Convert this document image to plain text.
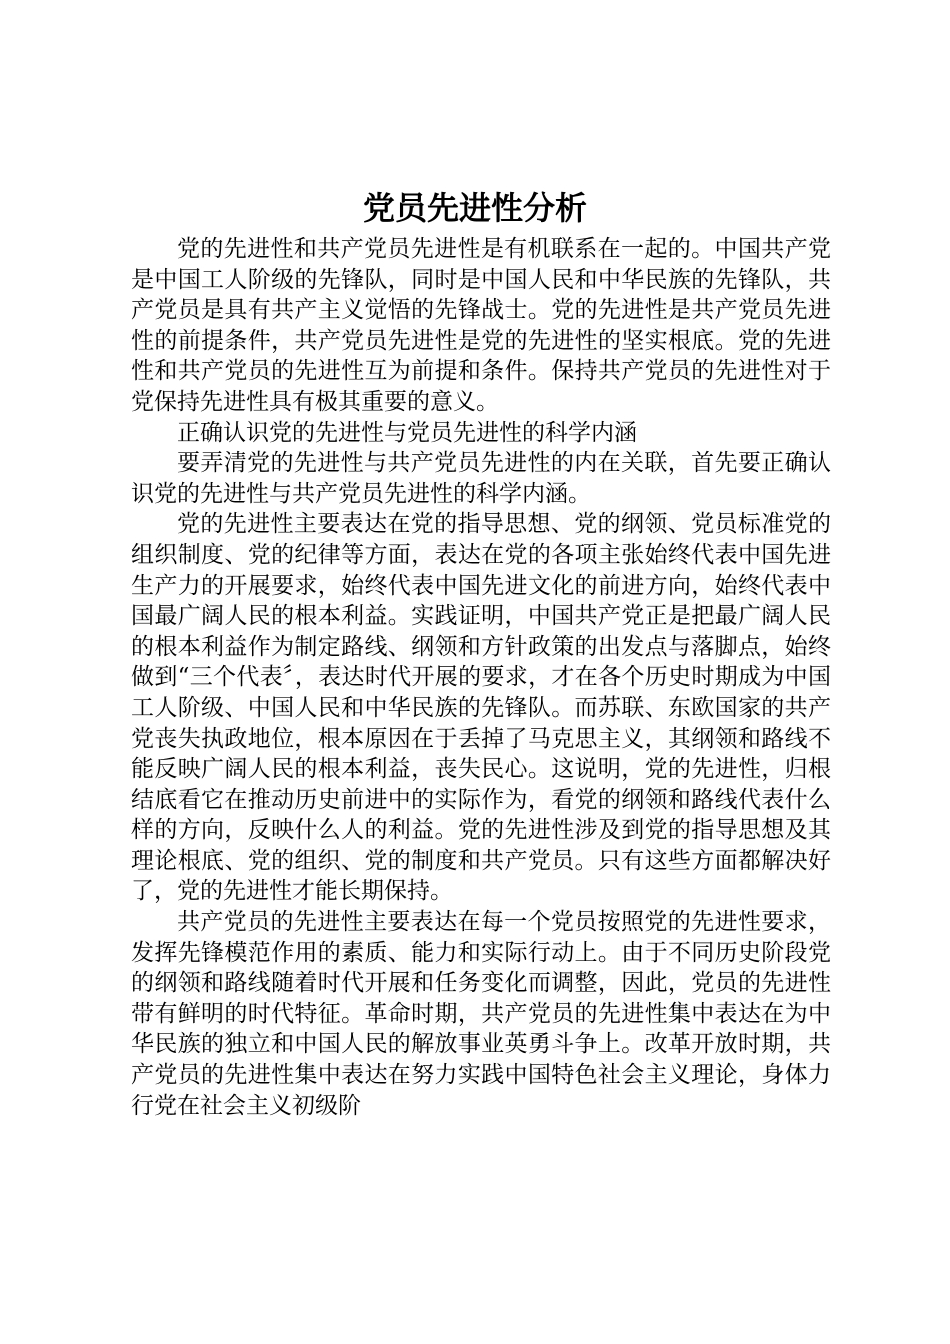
党员先进性分析

党的先进性和共产党员先进性是有机联系在一起的。中国共产党是中国工人阶级的先锋队，同时是中国人民和中华民族的先锋队，共产党员是具有共产主义觉悟的先锋战士。党的先进性是共产党员先进性的前提条件，共产党员先进性是党的先进性的坚实根底。党的先进性和共产党员的先进性互为前提和条件。保持共产党员的先进性对于党保持先进性具有极其重要的意义。

正确认识党的先进性与党员先进性的科学内涵

要弄清党的先进性与共产党员先进性的内在关联，首先要正确认识党的先进性与共产党员先进性的科学内涵。

党的先进性主要表达在党的指导思想、党的纲领、党员标准党的组织制度、党的纪律等方面，表达在党的各项主张始终代表中国先进生产力的开展要求，始终代表中国先进文化的前进方向，始终代表中国最广阔人民的根本利益。实践证明，中国共产党正是把最广阔人民的根本利益作为制定路线、纲领和方针政策的出发点与落脚点，始终做到“三个代表〞，表达时代开展的要求，才在各个历史时期成为中国工人阶级、中国人民和中华民族的先锋队。而苏联、东欧国家的共产党丧失执政地位，根本原因在于丢掉了马克思主义，其纲领和路线不能反映广阔人民的根本利益，丧失民心。这说明，党的先进性，归根结底看它在推动历史前进中的实际作为，看党的纲领和路线代表什么样的方向，反映什么人的利益。党的先进性涉及到党的指导思想及其理论根底、党的组织、党的制度和共产党员。只有这些方面都解决好了，党的先进性才能长期保持。

共产党员的先进性主要表达在每一个党员按照党的先进性要求，发挥先锋模范作用的素质、能力和实际行动上。由于不同历史阶段党的纲领和路线随着时代开展和任务变化而调整，因此，党员的先进性带有鲜明的时代特征。革命时期，共产党员的先进性集中表达在为中华民族的独立和中国人民的解放事业英勇斗争上。改革开放时期，共产党员的先进性集中表达在努力实践中国特色社会主义理论，身体力行党在社会主义初级阶
